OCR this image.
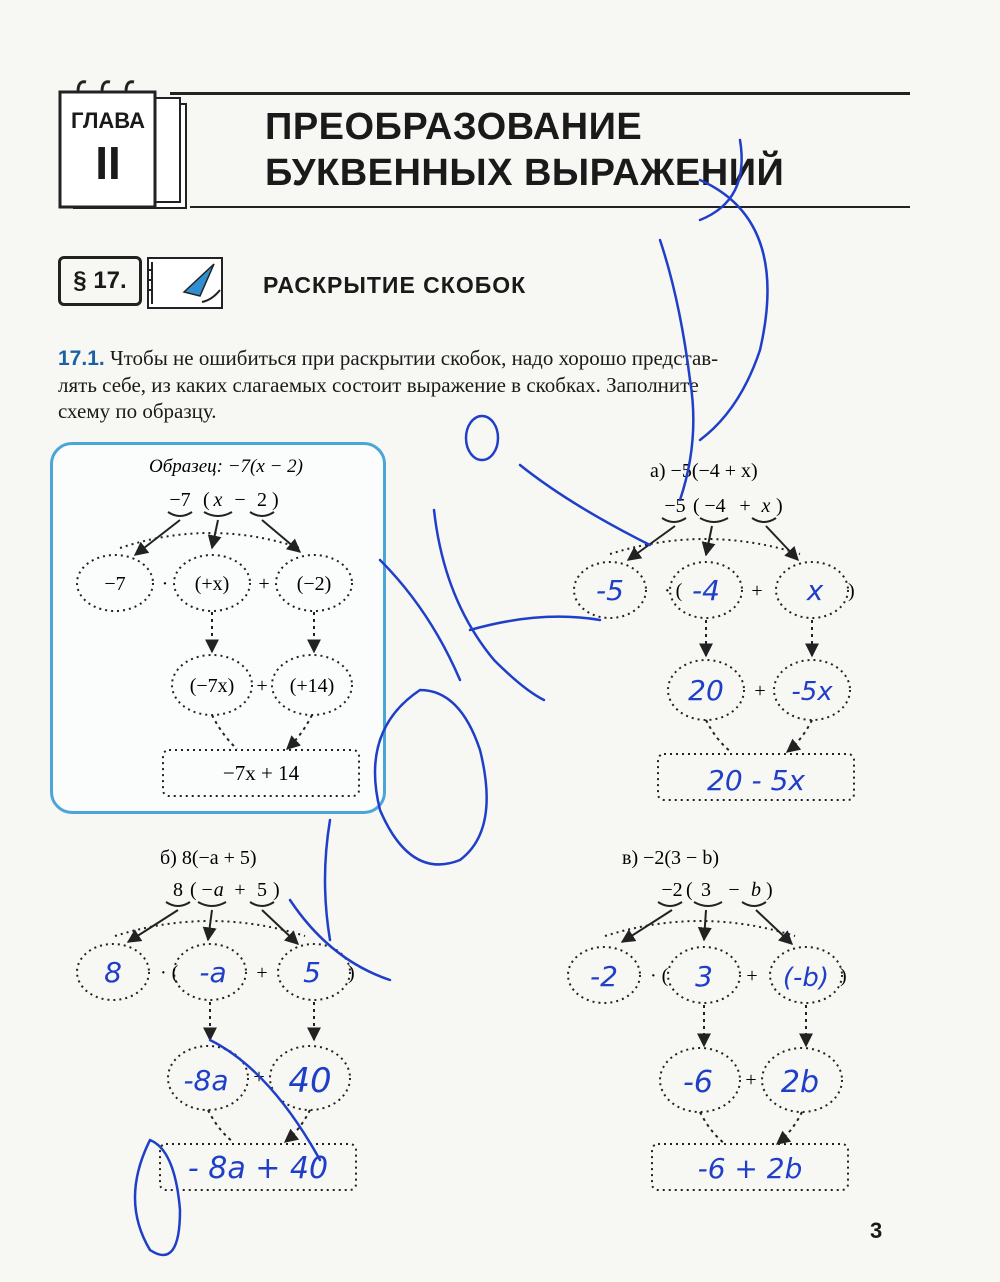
ГЛАВА
II
ПРЕОБРАЗОВАНИЕ
БУКВЕННЫХ ВЫРАЖЕНИЙ
§ 17.	РАСКРЫТИЕ СКОБОК
17.1. Чтобы не ошибиться при раскрытии скобок, надо хорошо представ-
лять себе, из каких слагаемых состоит выражение в скобках. Заполните
схему по образцу.
Образец: −7(x − 2)
−7 ( x − 2 )
−7 · (+x) + (−2)
(−7x) + (+14)
−7x + 14
а) −5(−4 + x)
−5 ( −4 + x )
· (	+	)
+
-5 -4	x
20	-5x
20 - 5x
б) 8(−a + 5)
8 ( −a + 5 )
· (	+	)
+
8	-a	5
-8a 40
- 8a + 40
в) −2(3 − b)
−2 ( 3 − b )
· (	+	)
+
-2	3	(-b)
-6 2b
-6 + 2b
3
